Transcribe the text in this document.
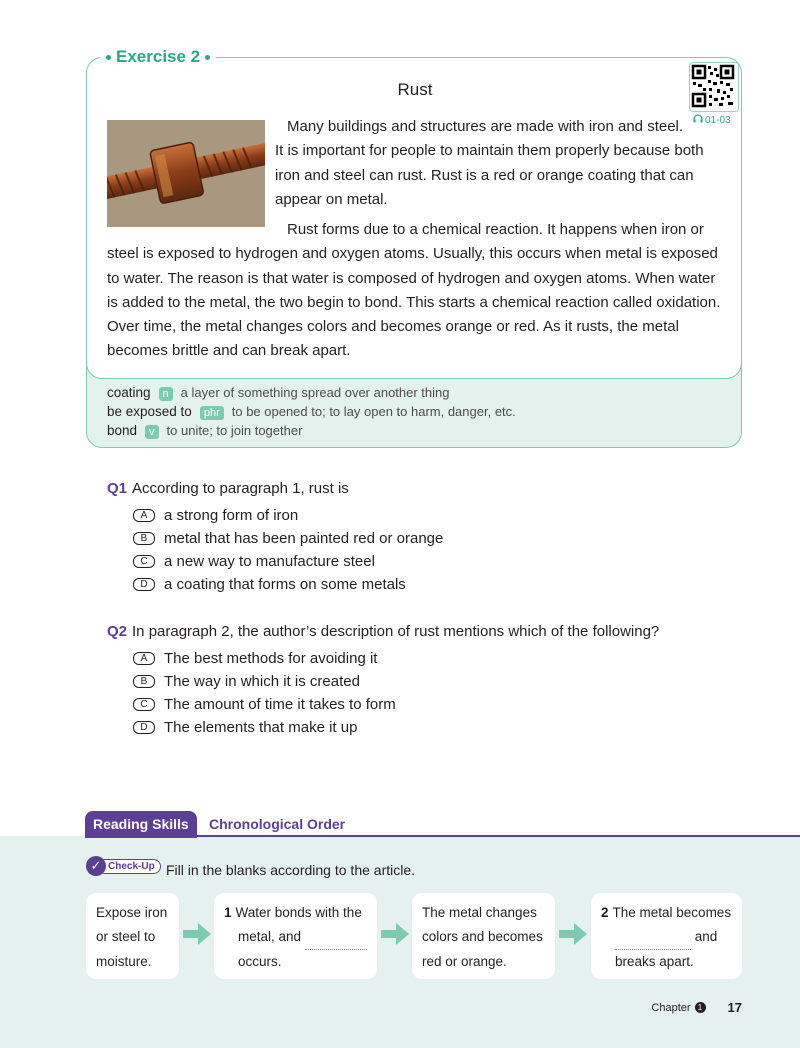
coating n a layer of something spread over another thing
be exposed to phr to be opened to; to lay open to harm, danger, etc.
bond v to unite; to join together
Exercise 2
Rust
01-03
Many buildings and structures are made with iron and steel.
It is important for people to maintain them properly because both
iron and steel can rust. Rust is a red or orange coating that can
appear on metal.
Rust forms due to a chemical reaction. It happens when iron or
steel is exposed to hydrogen and oxygen atoms. Usually, this occurs when metal is exposed
to water. The reason is that water is composed of hydrogen and oxygen atoms. When water
is added to the metal, the two begin to bond. This starts a chemical reaction called oxidation.
Over time, the metal changes colors and becomes orange or red. As it rusts, the metal
becomes brittle and can break apart.
Q1 According to paragraph 1, rust is
A	a strong form of iron
B	metal that has been painted red or orange
C	a new way to manufacture steel
D	a coating that forms on some metals
Q2 In paragraph 2, the author’s description of rust mentions which of the following?
A	The best methods for avoiding it
B	The way in which it is created
C	The amount of time it takes to form
D	The elements that make it up
Reading Skills	Chronological Order
✓ Check-Up Fill in the blanks according to the article.
Expose iron
or steel to
moisture.
1 Water bonds with the
metal, and
occurs.
The metal changes
colors and becomes
red or orange.
2 The metal becomes
and
breaks apart.
Chapter 1 17
